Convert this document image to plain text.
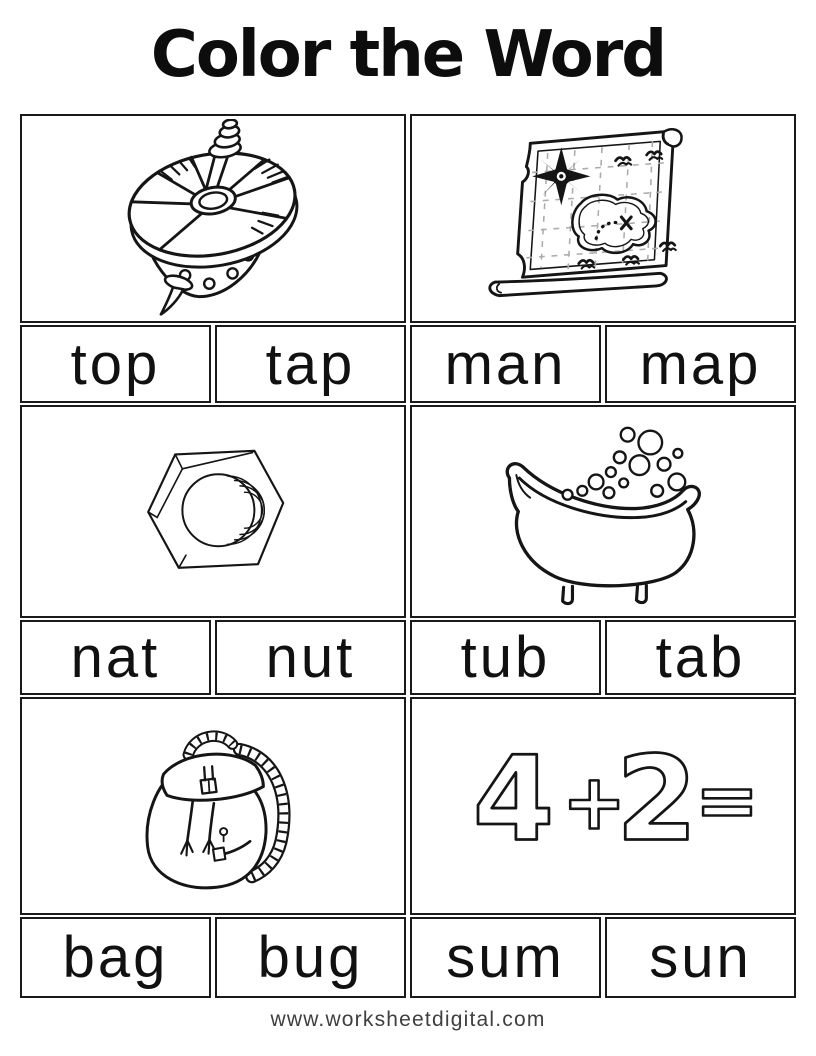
Color the Word
top	tap
nat	nut
bag	bug
man	map
tub	tab
4 +
2
=
sum	sun
www.worksheetdigital.com
